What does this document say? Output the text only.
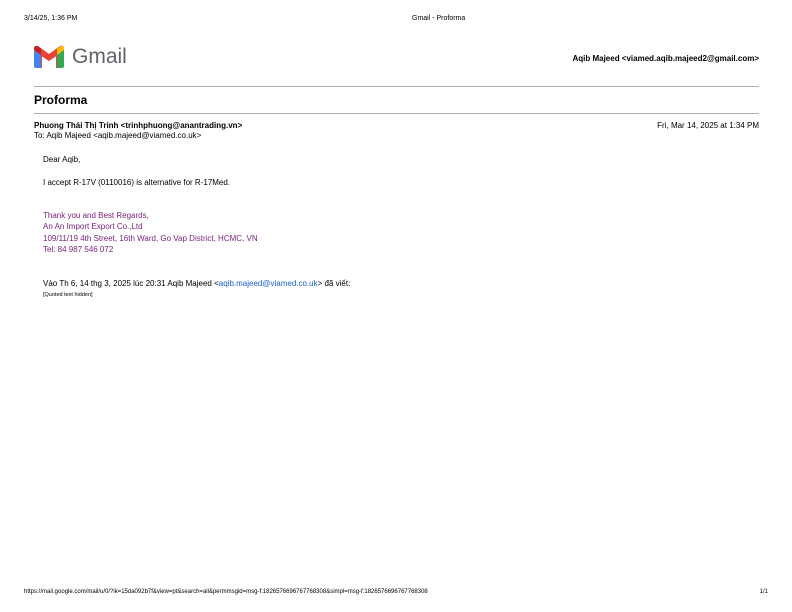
3/14/25, 1:36 PM	Gmail - Proforma
Gmail	Aqib Majeed <viamed.aqib.majeed2@gmail.com>
Proforma
Phuong Thái Thị Trinh <trinhphuong@anantrading.vn>	Fri, Mar 14, 2025 at 1:34 PM
To: Aqib Majeed <aqib.majeed@viamed.co.uk>
Dear Aqib,
I accept R-17V (0110016) is alternative for R-17Med.
Thank you and Best Regards,
An An Import Export Co.,Ltd
109/11/19 4th Street, 16th Ward, Go Vap District, HCMC, VN
Tel: 84 987 546 072
Vào Th 6, 14 thg 3, 2025 lúc 20:31 Aqib Majeed <aqib.majeed@viamed.co.uk> đã viết:
[Quoted text hidden]
https://mail.google.com/mail/u/0/?ik=15da092b7f&view=pt&search=all&permmsgid=msg-f:1826576696767768308&simpl=msg-f:1826576696767768308	1/1
